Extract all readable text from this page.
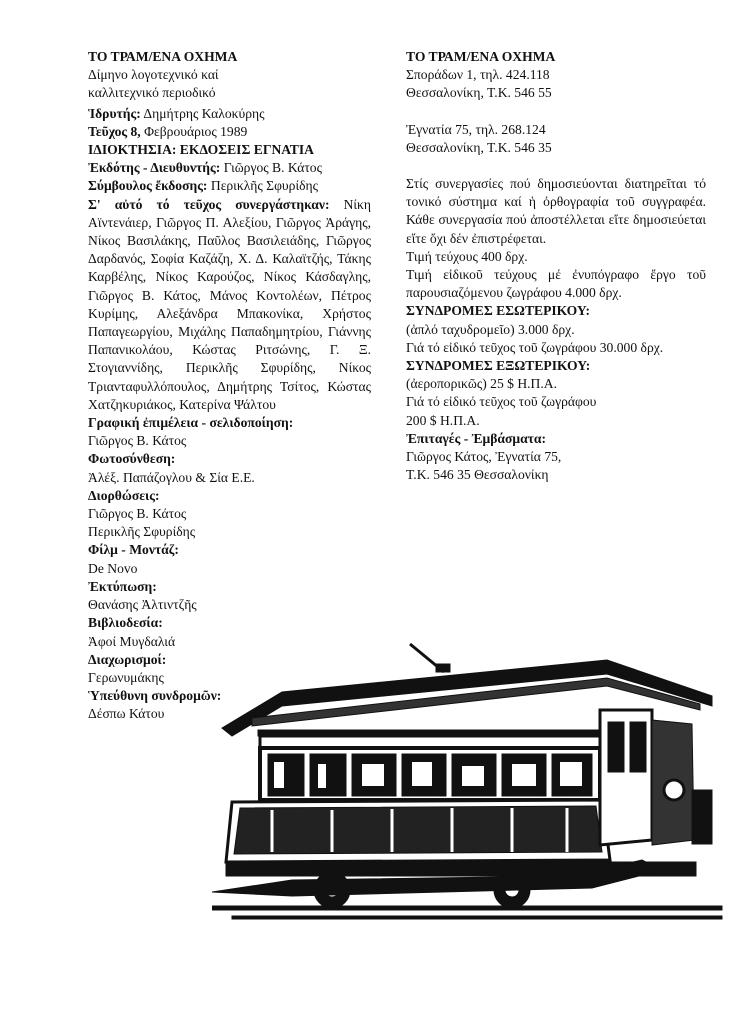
ΤΟ ΤΡΑΜ/ΕΝΑ ΟΧΗΜΑ
Δίμηνο λογοτεχνικό καί
καλλιτεχνικό περιοδικό
Ἱδρυτής: Δημήτρης Καλοκύρης
Τεῦχος 8, Φεβρουάριος 1989
ΙΔΙΟΚΤΗΣΙΑ: ΕΚΔΟΣΕΙΣ ΕΓΝΑΤΙΑ
Ἐκδότης - Διευθυντής: Γιῶργος Β. Κάτος
Σύμβουλος ἔκδοσης: Περικλῆς Σφυρίδης
Σ' αὐτό τό τεῦχος συνεργάστηκαν: Νίκη Αϊντενάιερ, Γιῶργος Π. Αλεξίου, Γιῶργος Ἀράγης, Νίκος Βασιλάκης, Παῦλος Βασιλειάδης, Γιῶργος Δαρδανός, Σοφία Καζάζη, Χ. Δ. Καλαϊτζής, Τάκης Καρβέλης, Νίκος Καρούζος, Νίκος Κάσδαγλης, Γιῶργος Β. Κάτος, Μάνος Κοντολέων, Πέτρος Κυρίμης, Αλεξάνδρα Μπακονίκα, Χρήστος Παπαγεωργίου, Μιχάλης Παπαδημητρίου, Γιάννης Παπανικολάου, Κώστας Ριτσώνης, Γ. Ξ. Στογιαννίδης, Περικλῆς Σφυρίδης, Νίκος Τριανταφυλλόπουλος, Δημήτρης Τσίτος, Κώστας Χατζηκυριάκος, Κατερίνα Ψάλτου
Γραφική ἐπιμέλεια - σελιδοποίηση:
Γιῶργος Β. Κάτος
Φωτοσύνθεση:
Ἀλέξ. Παπάζογλου & Σία Ε.Ε.
Διορθώσεις:
Γιῶργος Β. Κάτος
Περικλῆς Σφυρίδης
Φίλμ - Μοντάζ:
De Novo
Ἐκτύπωση:
Θανάσης Ἀλτιντζῆς
Βιβλιοδεσία:
Ἀφοί Μυγδαλιά
Διαχωρισμοί:
Γερωνυμάκης
Ὑπεύθυνη συνδρομῶν:
Δέσπω Κάτου
ΤΟ ΤΡΑΜ/ΕΝΑ ΟΧΗΜΑ
Σποράδων 1, τηλ. 424.118
Θεσσαλονίκη, Τ.Κ. 546 55
Ἐγνατία 75, τηλ. 268.124
Θεσσαλονίκη, Τ.Κ. 546 35
Στίς συνεργασίες πού δημοσιεύονται διατηρεῖται τό τονικό σύστημα καί ἡ ὀρθογραφία τοῦ συγγραφέα. Κάθε συνεργασία πού ἀποστέλλεται εἴτε δημοσιεύεται εἴτε ὄχι δέν ἐπιστρέφεται.
Τιμή τεύχους 400 δρχ.
Τιμή εἰδικοῦ τεύχους μέ ἐνυπόγραφο ἔργο τοῦ παρουσιαζόμενου ζωγράφου 4.000 δρχ.
ΣΥΝΔΡΟΜΕΣ ΕΣΩΤΕΡΙΚΟΥ:
(ἁπλό ταχυδρομεῖο) 3.000 δρχ.
Γιά τό εἰδικό τεῦχος τοῦ ζωγράφου 30.000 δρχ.
ΣΥΝΔΡΟΜΕΣ ΕΞΩΤΕΡΙΚΟΥ:
(ἀεροπορικῶς) 25 $ Η.Π.Α.
Γιά τό εἰδικό τεῦχος τοῦ ζωγράφου
200 $ Η.Π.Α.
Ἐπιταγές - Ἐμβάσματα:
Γιῶργος Κάτος, Ἐγνατία 75,
Τ.Κ. 546 35 Θεσσαλονίκη
